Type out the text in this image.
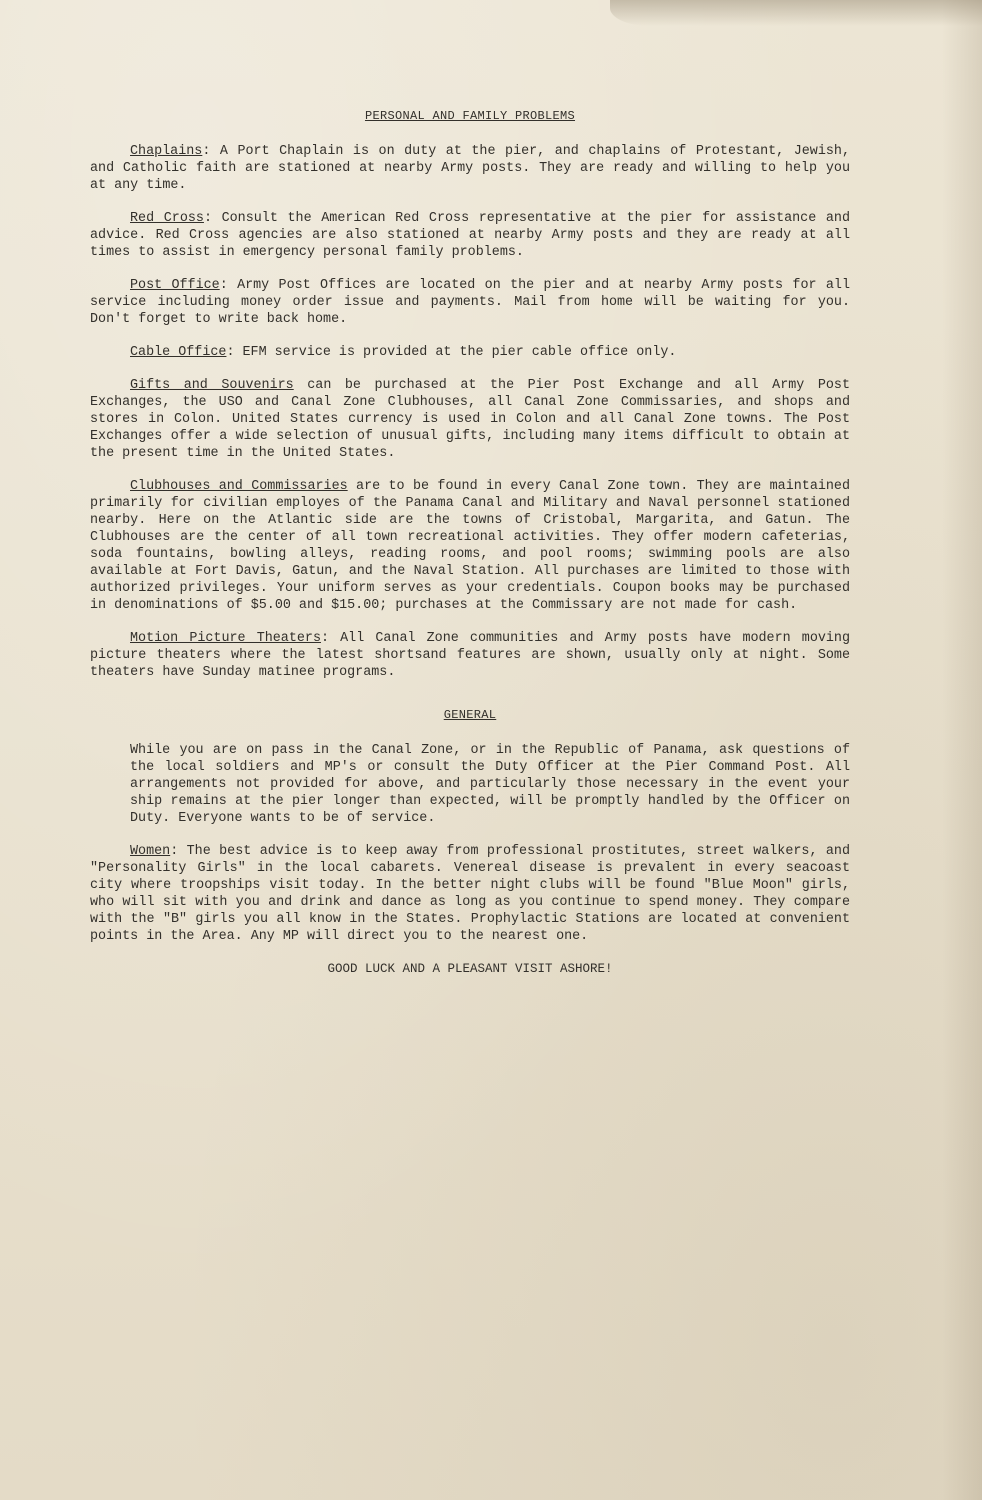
PERSONAL AND FAMILY PROBLEMS

Chaplains: A Port Chaplain is on duty at the pier, and chaplains of Protestant, Jewish, and Catholic faith are stationed at nearby Army posts. They are ready and willing to help you at any time.

Red Cross: Consult the American Red Cross representative at the pier for assistance and advice. Red Cross agencies are also stationed at nearby Army posts and they are ready at all times to assist in emergency personal family problems.

Post Office: Army Post Offices are located on the pier and at nearby Army posts for all service including money order issue and payments. Mail from home will be waiting for you. Don't forget to write back home.

Cable Office: EFM service is provided at the pier cable office only.

Gifts and Souvenirs can be purchased at the Pier Post Exchange and all Army Post Exchanges, the USO and Canal Zone Clubhouses, all Canal Zone Commissaries, and shops and stores in Colon. United States currency is used in Colon and all Canal Zone towns. The Post Exchanges offer a wide selection of unusual gifts, including many items difficult to obtain at the present time in the United States.

Clubhouses and Commissaries are to be found in every Canal Zone town. They are maintained primarily for civilian employes of the Panama Canal and Military and Naval personnel stationed nearby. Here on the Atlantic side are the towns of Cristobal, Margarita, and Gatun. The Clubhouses are the center of all town recreational activities. They offer modern cafeterias, soda fountains, bowling alleys, reading rooms, and pool rooms; swimming pools are also available at Fort Davis, Gatun, and the Naval Station. All purchases are limited to those with authorized privileges. Your uniform serves as your credentials. Coupon books may be purchased in denominations of $5.00 and $15.00; purchases at the Commissary are not made for cash.

Motion Picture Theaters: All Canal Zone communities and Army posts have modern moving picture theaters where the latest shortsand features are shown, usually only at night. Some theaters have Sunday matinee programs.

GENERAL

While you are on pass in the Canal Zone, or in the Republic of Panama, ask questions of the local soldiers and MP's or consult the Duty Officer at the Pier Command Post. All arrangements not provided for above, and particularly those necessary in the event your ship remains at the pier longer than expected, will be promptly handled by the Officer on Duty. Everyone wants to be of service.

Women: The best advice is to keep away from professional prostitutes, street walkers, and "Personality Girls" in the local cabarets. Venereal disease is prevalent in every seacoast city where troopships visit today. In the better night clubs will be found "Blue Moon" girls, who will sit with you and drink and dance as long as you continue to spend money. They compare with the "B" girls you all know in the States. Prophylactic Stations are located at convenient points in the Area. Any MP will direct you to the nearest one.

GOOD LUCK AND A PLEASANT VISIT ASHORE!
